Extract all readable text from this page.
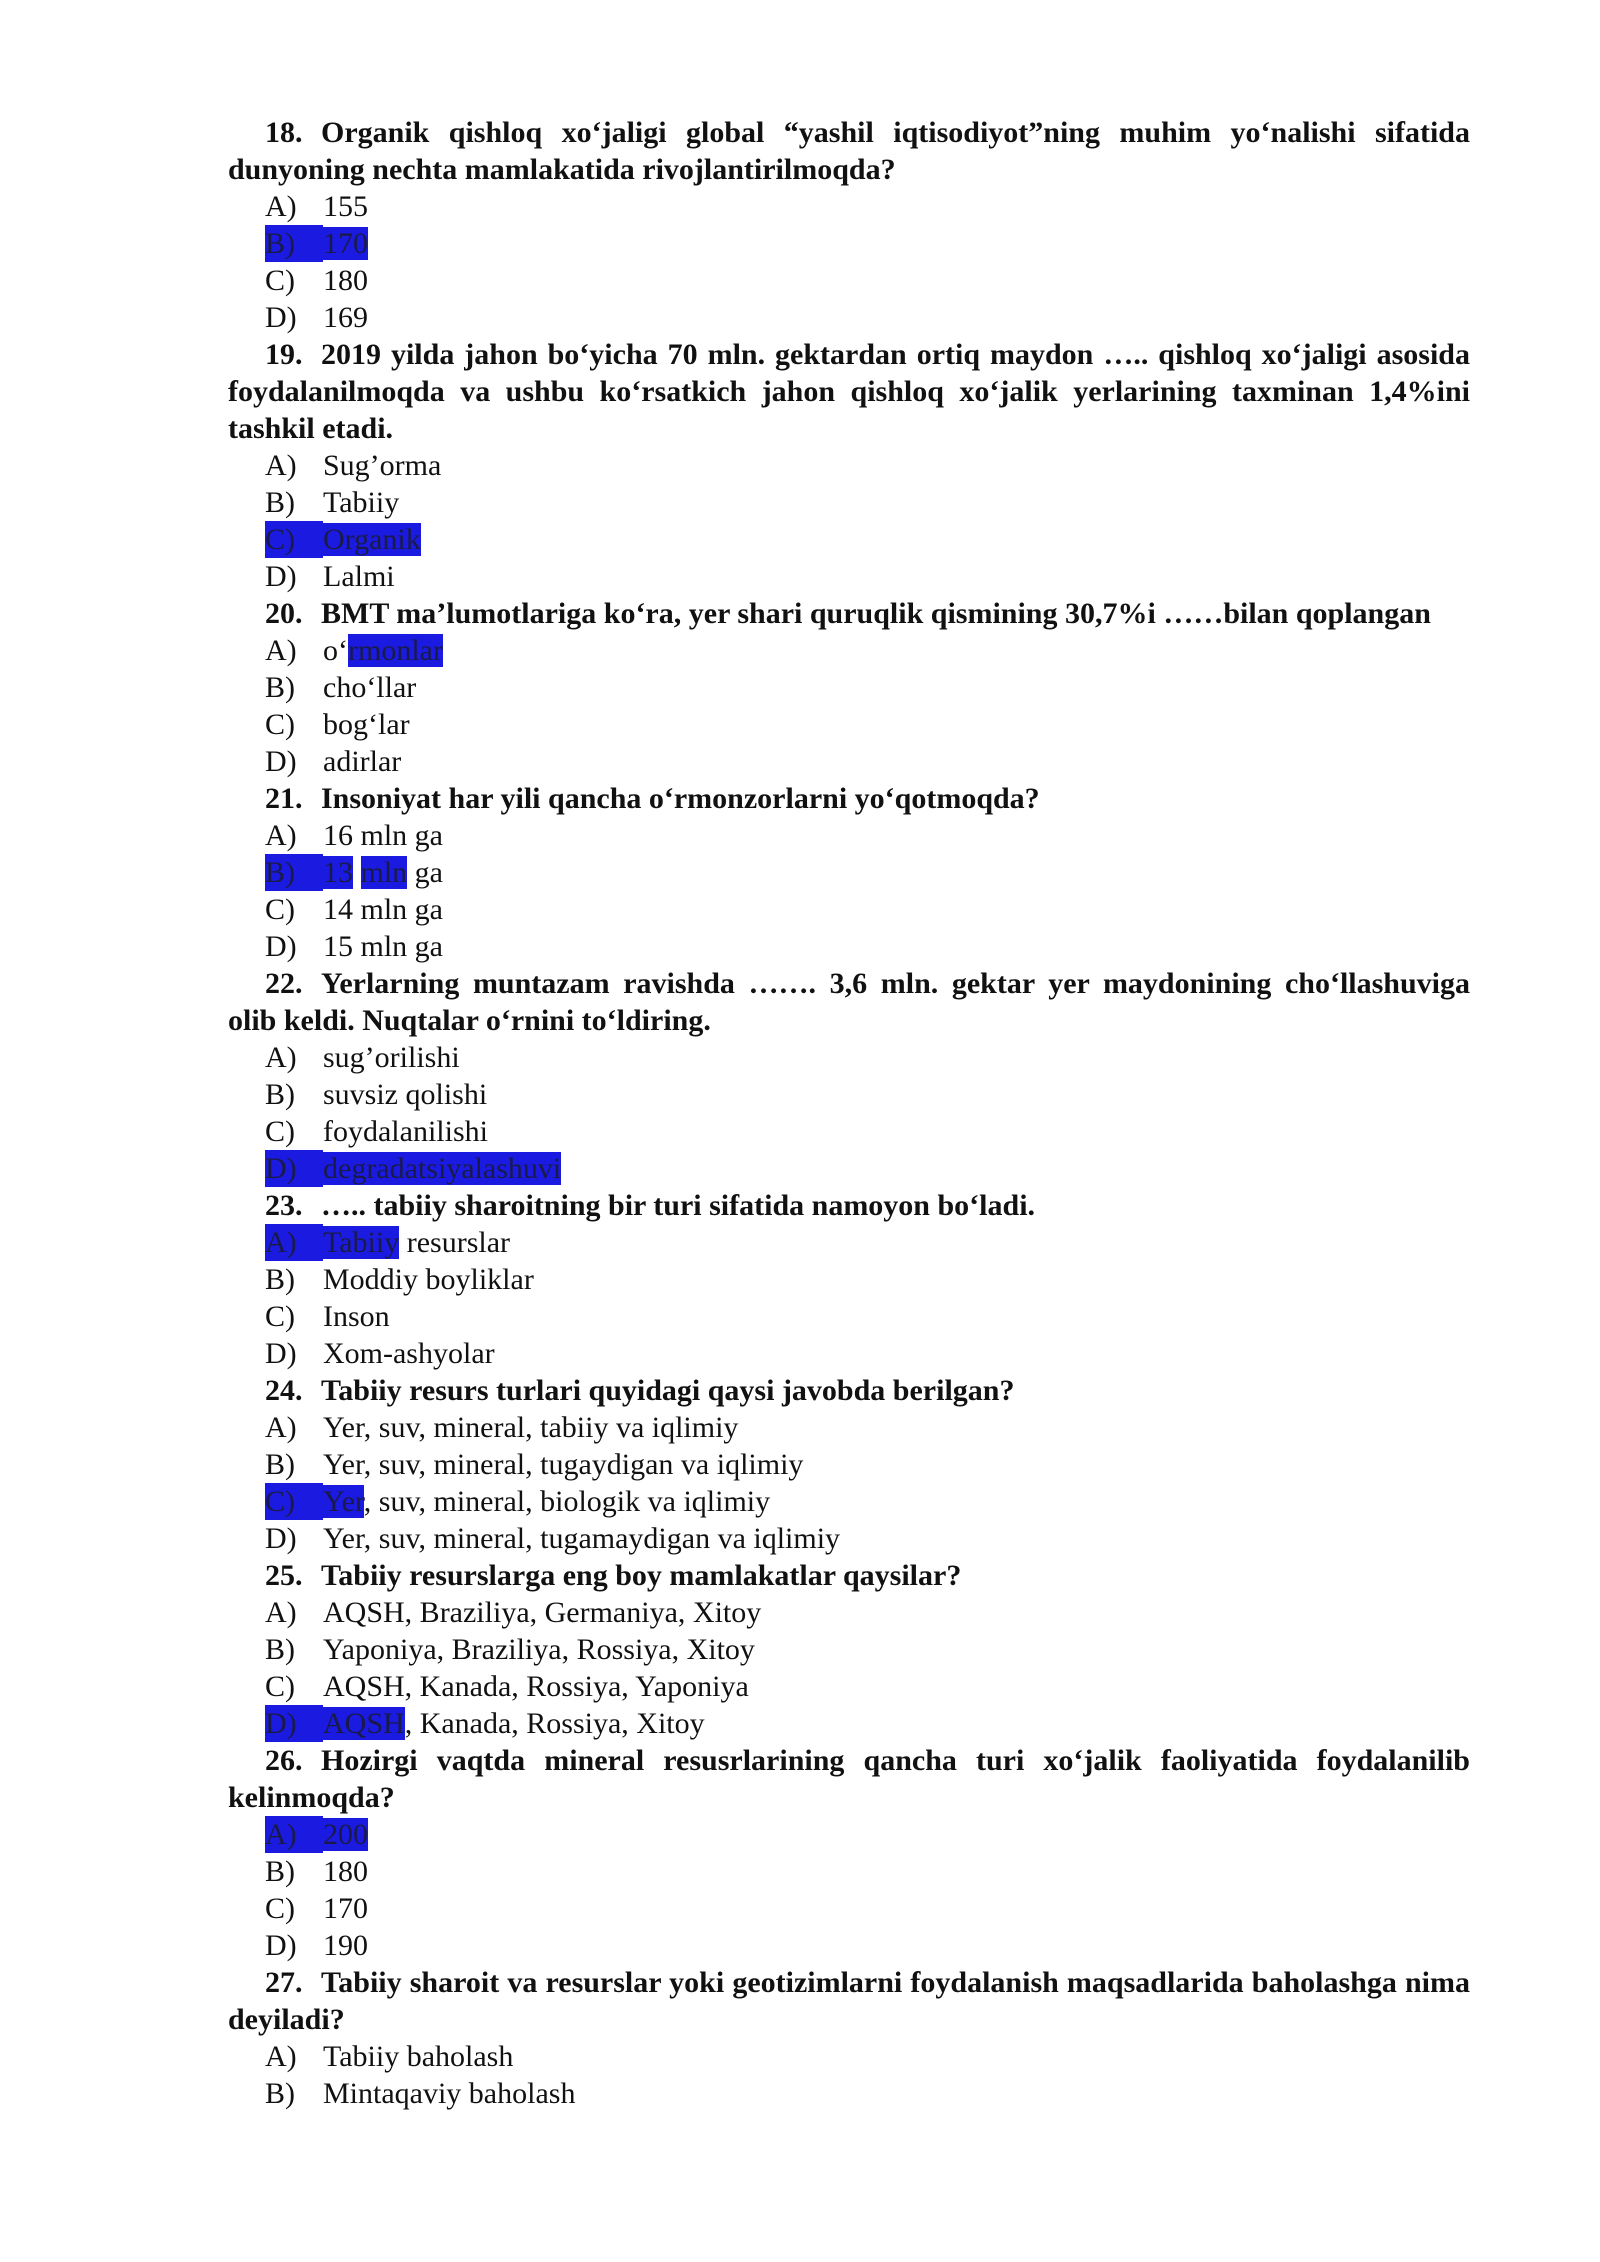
18. Organik qishloq xo‘jaligi global “yashil iqtisodiyot”ning muhim yo‘nalishi sifatida dunyoning nechta mamlakatida rivojlantirilmoqda?

A) 155
B) 170
C) 180
D) 169

19. 2019 yilda jahon bo‘yicha 70 mln. gektardan ortiq maydon ….. qishloq xo‘jaligi asosida foydalanilmoqda va ushbu ko‘rsatkich jahon qishloq xo‘jalik yerlarining taxminan 1,4%ini tashkil etadi.

A) Sug’orma
B) Tabiiy
C) Organik
D) Lalmi

20. BMT ma’lumotlariga ko‘ra, yer shari quruqlik qismining 30,7%i ……bilan qoplangan

A) o‘rmonlar
B) cho‘llar
C) bog‘lar
D) adirlar

21. Insoniyat har yili qancha o‘rmonzorlarni yo‘qotmoqda?

A) 16 mln ga
B) 13 mln ga
C) 14 mln ga
D) 15 mln ga

22. Yerlarning muntazam ravishda ……. 3,6 mln. gektar yer maydonining cho‘llashuviga olib keldi. Nuqtalar o‘rnini to‘ldiring.

A) sug’orilishi
B) suvsiz qolishi
C) foydalanilishi
D) degradatsiyalashuvi

23. ….. tabiiy sharoitning bir turi sifatida namoyon bo‘ladi.

A) Tabiiy resurslar
B) Moddiy boyliklar
C) Inson
D) Xom-ashyolar

24. Tabiiy resurs turlari quyidagi qaysi javobda berilgan?

A) Yer, suv, mineral, tabiiy va iqlimiy
B) Yer, suv, mineral, tugaydigan va iqlimiy
C) Yer, suv, mineral, biologik va iqlimiy
D) Yer, suv, mineral, tugamaydigan va iqlimiy

25. Tabiiy resurslarga eng boy mamlakatlar qaysilar?

A) AQSH, Braziliya, Germaniya, Xitoy
B) Yaponiya, Braziliya, Rossiya, Xitoy
C) AQSH, Kanada, Rossiya, Yaponiya
D) AQSH, Kanada, Rossiya, Xitoy

26. Hozirgi vaqtda mineral resusrlarining qancha turi xo‘jalik faoliyatida foydalanilib kelinmoqda?

A) 200
B) 180
C) 170
D) 190

27. Tabiiy sharoit va resurslar yoki geotizimlarni foydalanish maqsadlarida baholashga nima deyiladi?

A) Tabiiy baholash
B) Mintaqaviy baholash
